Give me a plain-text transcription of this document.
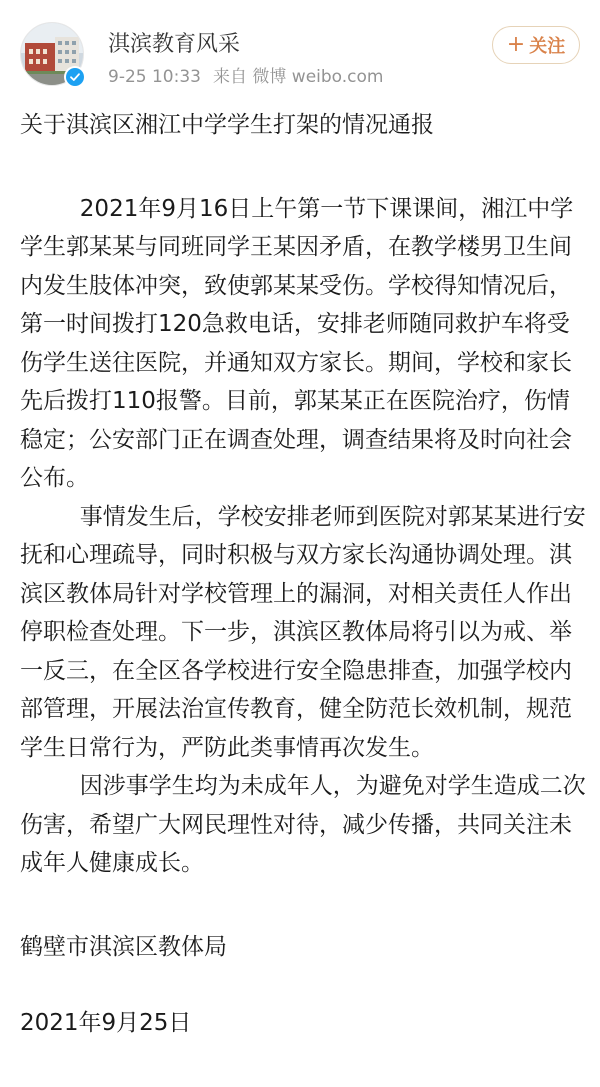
淇滨教育风采
9-25 10:33 来自 微博 weibo.com
+ 关注

关于淇滨区湘江中学学生打架的情况通报

2021年9月16日上午第一节下课课间，湘江中学学生郭某某与同班同学王某因矛盾，在教学楼男卫生间内发生肢体冲突，致使郭某某受伤。学校得知情况后，第一时间拨打120急救电话，安排老师随同救护车将受伤学生送往医院，并通知双方家长。期间，学校和家长先后拨打110报警。目前，郭某某正在医院治疗，伤情稳定；公安部门正在调查处理，调查结果将及时向社会公布。

事情发生后，学校安排老师到医院对郭某某进行安抚和心理疏导，同时积极与双方家长沟通协调处理。淇滨区教体局针对学校管理上的漏洞，对相关责任人作出停职检查处理。下一步，淇滨区教体局将引以为戒、举一反三，在全区各学校进行安全隐患排查，加强学校内部管理，开展法治宣传教育，健全防范长效机制，规范学生日常行为，严防此类事情再次发生。

因涉事学生均为未成年人，为避免对学生造成二次伤害，希望广大网民理性对待，减少传播，共同关注未成年人健康成长。

鹤壁市淇滨区教体局

2021年9月25日
